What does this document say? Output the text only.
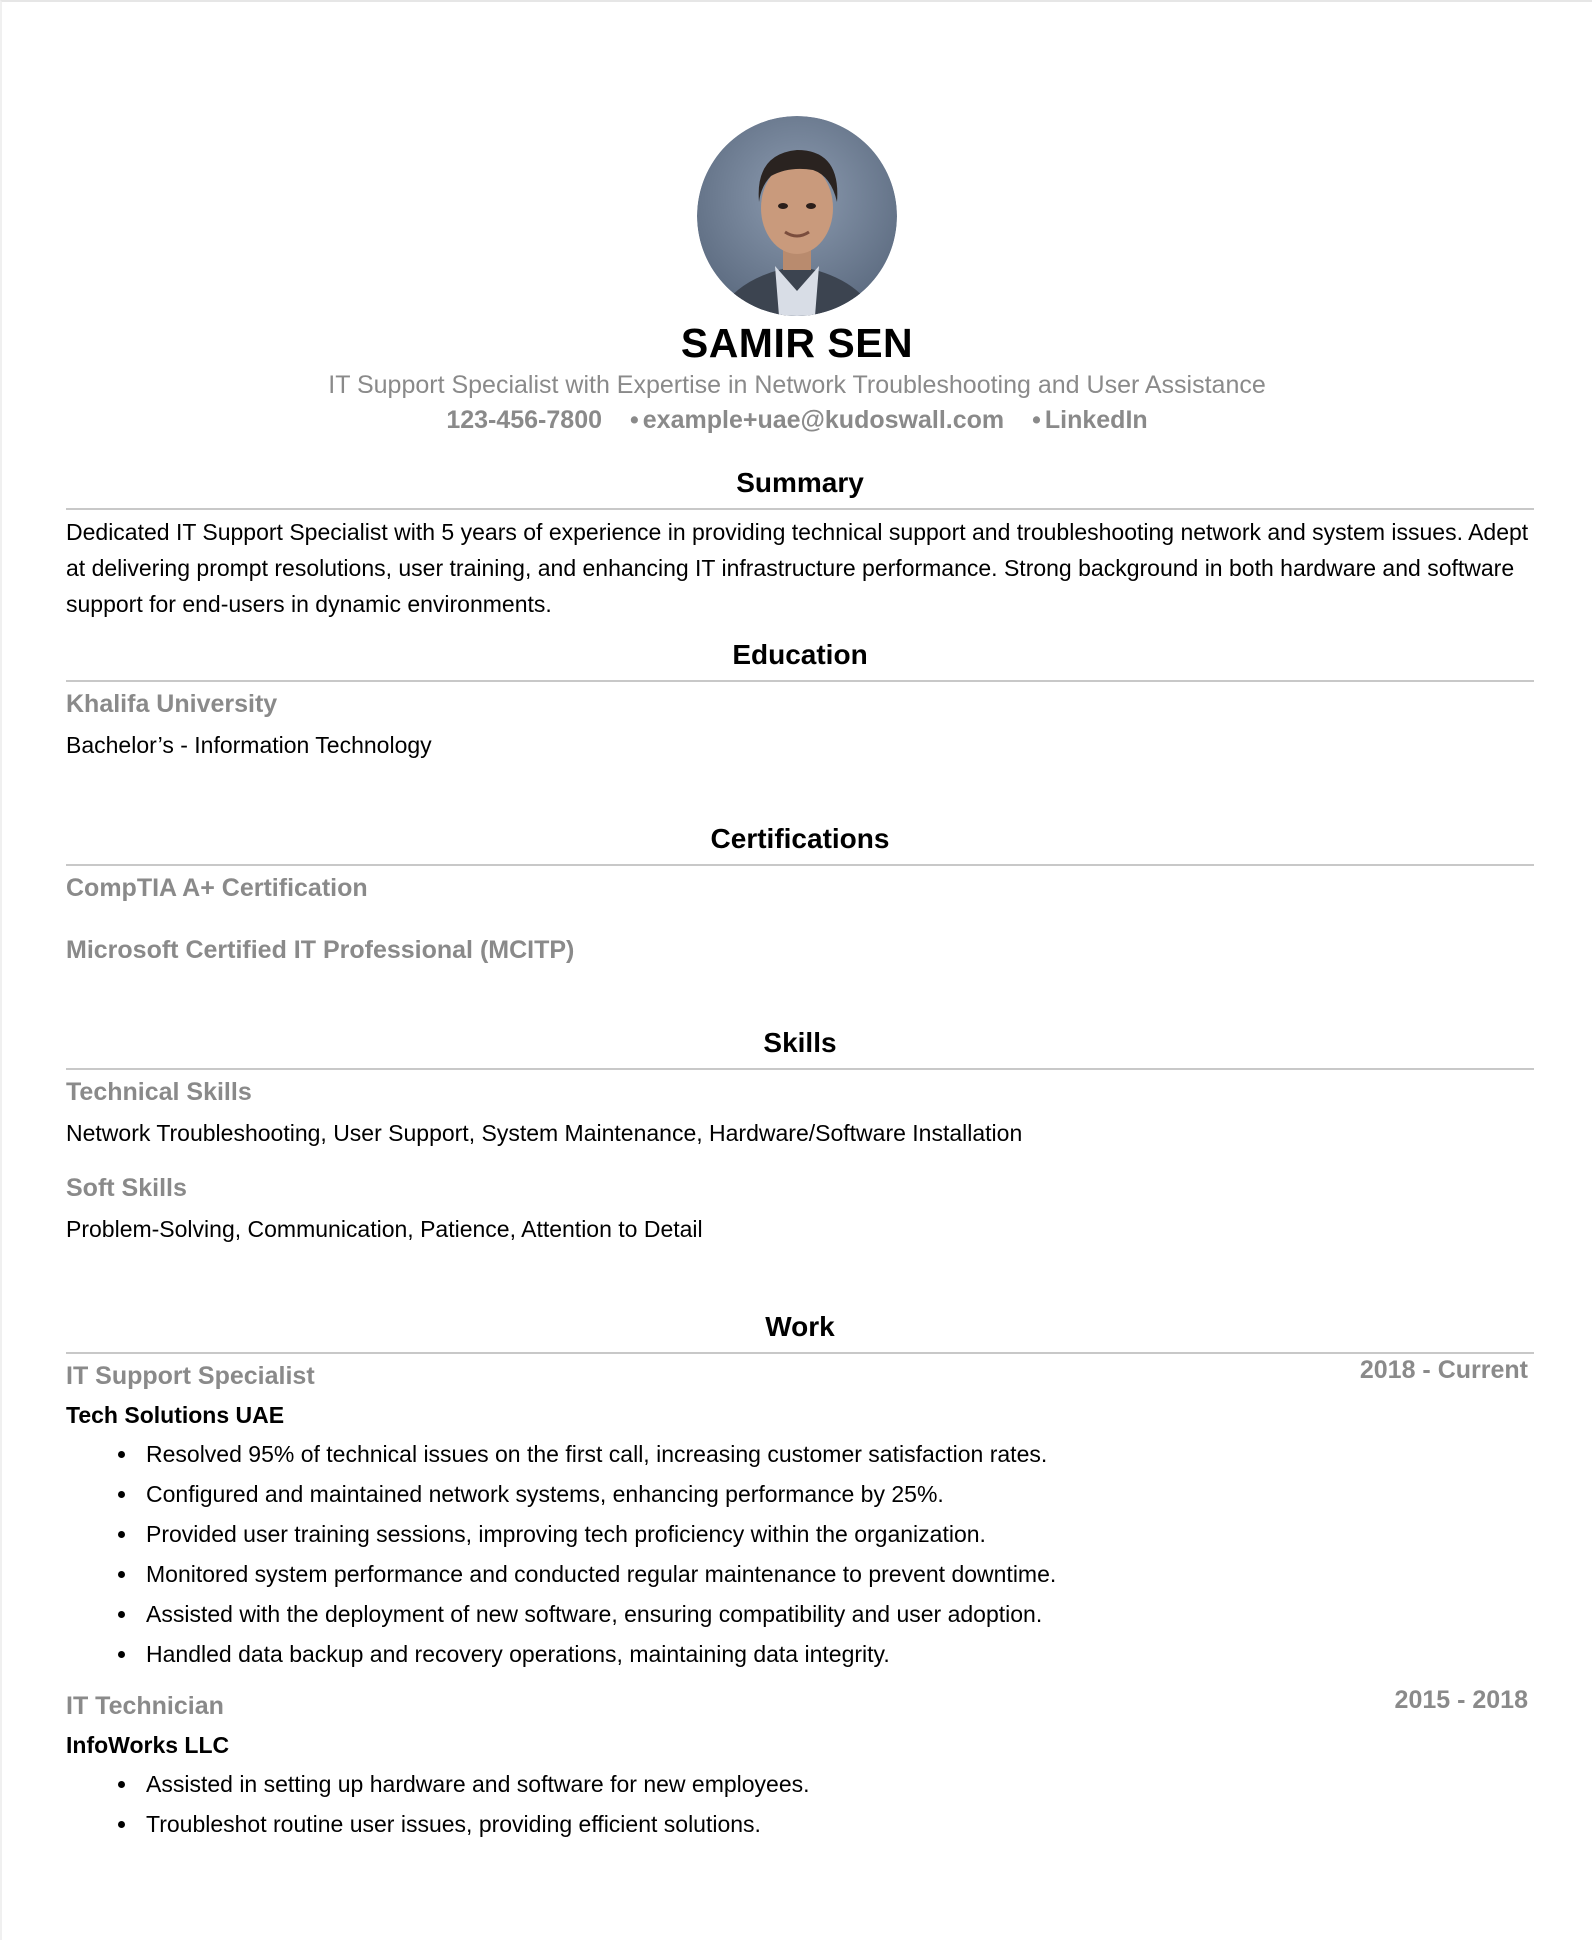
SAMIR SEN
IT Support Specialist with Expertise in Network Troubleshooting and User Assistance
123-456-7800 • example+uae@kudoswall.com • LinkedIn
Summary
Dedicated IT Support Specialist with 5 years of experience in providing technical support and troubleshooting network and system issues. Adept at delivering prompt resolutions, user training, and enhancing IT infrastructure performance. Strong background in both hardware and software support for end-users in dynamic environments.
Education
Khalifa University
Bachelor’s - Information Technology
Certifications
CompTIA A+ Certification
Microsoft Certified IT Professional (MCITP)
Skills
Technical Skills
Network Troubleshooting, User Support, System Maintenance, Hardware/Software Installation
Soft Skills
Problem-Solving, Communication, Patience, Attention to Detail
Work
IT Support Specialist	2018 - Current
Tech Solutions UAE
Resolved 95% of technical issues on the first call, increasing customer satisfaction rates.
Configured and maintained network systems, enhancing performance by 25%.
Provided user training sessions, improving tech proficiency within the organization.
Monitored system performance and conducted regular maintenance to prevent downtime.
Assisted with the deployment of new software, ensuring compatibility and user adoption.
Handled data backup and recovery operations, maintaining data integrity.
IT Technician	2015 - 2018
InfoWorks LLC
Assisted in setting up hardware and software for new employees.
Troubleshot routine user issues, providing efficient solutions.
